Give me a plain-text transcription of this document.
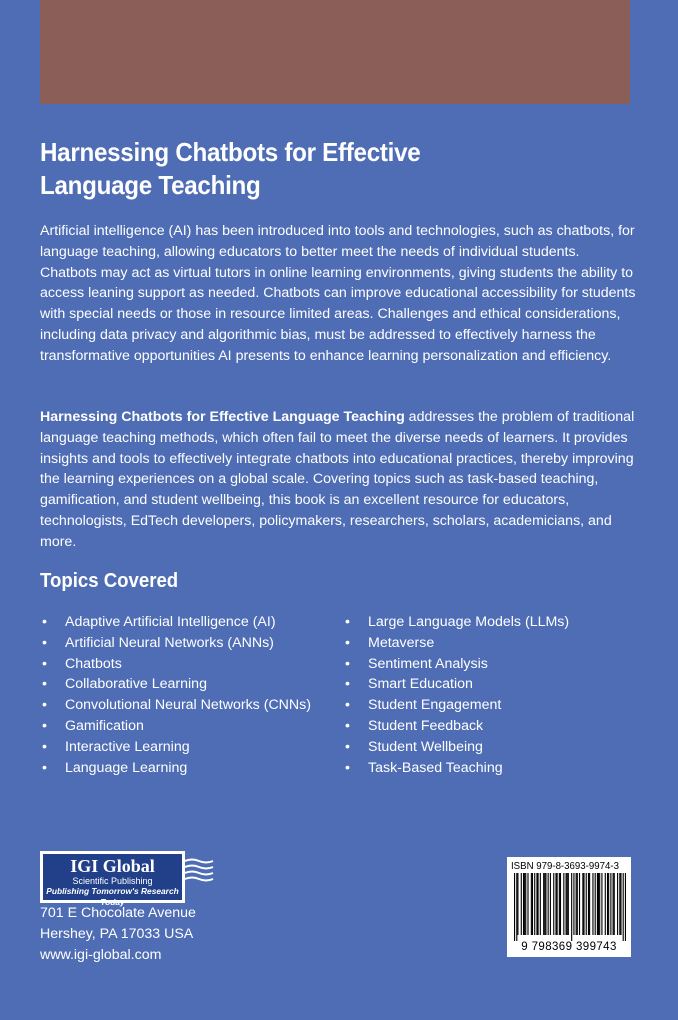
Harnessing Chatbots for Effective
Language Teaching

Artificial intelligence (AI) has been introduced into tools and technologies, such as chatbots, for language teaching, allowing educators to better meet the needs of individual students. Chatbots may act as virtual tutors in online learning environments, giving students the ability to access leaning support as needed. Chatbots can improve educational accessibility for students with special needs or those in resource limited areas. Challenges and ethical considerations, including data privacy and algorithmic bias, must be addressed to effectively harness the transformative opportunities AI presents to enhance learning personalization and efficiency.

Harnessing Chatbots for Effective Language Teaching addresses the problem of traditional language teaching methods, which often fail to meet the diverse needs of learners. It provides insights and tools to effectively integrate chatbots into educational practices, thereby improving the learning experiences on a global scale. Covering topics such as task-based teaching, gamification, and student wellbeing, this book is an excellent resource for educators, technologists, EdTech developers, policymakers, researchers, scholars, academicians, and more.

Topics Covered
• Adaptive Artificial Intelligence (AI)
• Artificial Neural Networks (ANNs)
• Chatbots
• Collaborative Learning
• Convolutional Neural Networks (CNNs)
• Gamification
• Interactive Learning
• Language Learning
• Large Language Models (LLMs)
• Metaverse
• Sentiment Analysis
• Smart Education
• Student Engagement
• Student Feedback
• Student Wellbeing
• Task-Based Teaching
IGI Global
Scientific Publishing
Publishing Tomorrow's Research Today

701 E Chocolate Avenue
Hershey, PA 17033 USA
www.igi-global.com

ISBN 979-8-3693-9974-3
9 798369 399743
